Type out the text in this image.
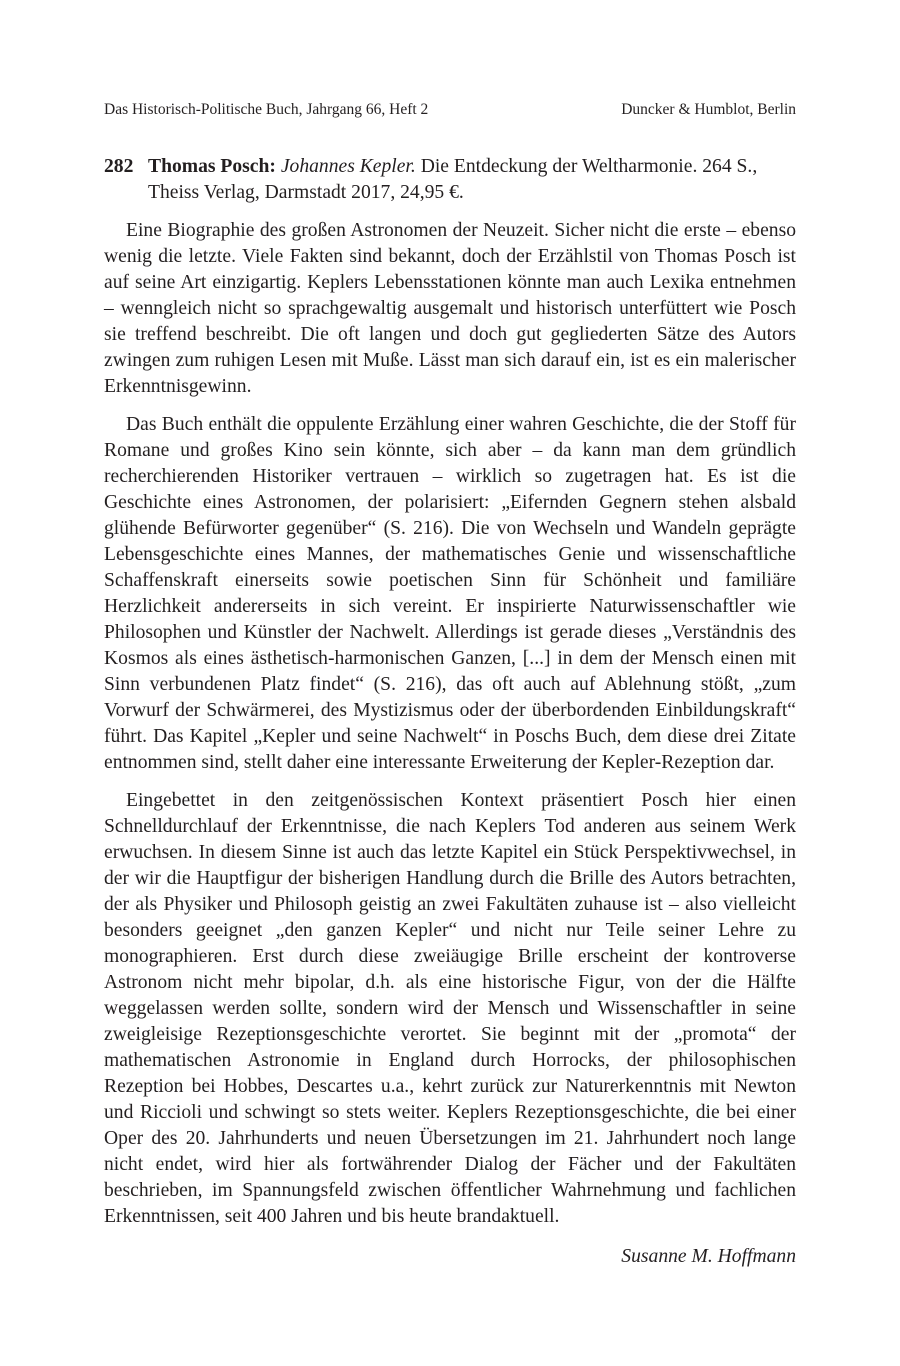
Das Historisch-Politische Buch, Jahrgang 66, Heft 2	Duncker & Humblot, Berlin
282 Thomas Posch: Johannes Kepler. Die Entdeckung der Weltharmonie. 264 S., Theiss Verlag, Darmstadt 2017, 24,95 €.

Eine Biographie des großen Astronomen der Neuzeit. Sicher nicht die erste – ebenso wenig die letzte. Viele Fakten sind bekannt, doch der Erzählstil von Thomas Posch ist auf seine Art einzigartig. Keplers Lebensstationen könnte man auch Lexika entnehmen – wenngleich nicht so sprachgewaltig ausgemalt und historisch unterfüttert wie Posch sie treffend beschreibt. Die oft langen und doch gut gegliederten Sätze des Autors zwingen zum ruhigen Lesen mit Muße. Lässt man sich darauf ein, ist es ein malerischer Erkenntnisgewinn.

Das Buch enthält die oppulente Erzählung einer wahren Geschichte, die der Stoff für Romane und großes Kino sein könnte, sich aber – da kann man dem gründlich recherchierenden Historiker vertrauen – wirklich so zugetragen hat. Es ist die Geschichte eines Astronomen, der polarisiert: „Eifernden Gegnern stehen alsbald glühende Befürworter gegenüber“ (S. 216). Die von Wechseln und Wandeln geprägte Lebensgeschichte eines Mannes, der mathematisches Genie und wissenschaftliche Schaffenskraft einerseits sowie poetischen Sinn für Schönheit und familiäre Herzlichkeit andererseits in sich vereint. Er inspirierte Naturwissenschaftler wie Philosophen und Künstler der Nachwelt. Allerdings ist gerade dieses „Verständnis des Kosmos als eines ästhetisch-harmonischen Ganzen, [...] in dem der Mensch einen mit Sinn verbundenen Platz findet“ (S. 216), das oft auch auf Ablehnung stößt, „zum Vorwurf der Schwärmerei, des Mystizismus oder der überbordenden Einbildungskraft“ führt. Das Kapitel „Kepler und seine Nachwelt“ in Poschs Buch, dem diese drei Zitate entnommen sind, stellt daher eine interessante Erweiterung der Kepler-Rezeption dar.

Eingebettet in den zeitgenössischen Kontext präsentiert Posch hier einen Schnelldurchlauf der Erkenntnisse, die nach Keplers Tod anderen aus seinem Werk erwuchsen. In diesem Sinne ist auch das letzte Kapitel ein Stück Perspektivwechsel, in der wir die Hauptfigur der bisherigen Handlung durch die Brille des Autors betrachten, der als Physiker und Philosoph geistig an zwei Fakultäten zuhause ist – also vielleicht besonders geeignet „den ganzen Kepler“ und nicht nur Teile seiner Lehre zu monographieren. Erst durch diese zweiäugige Brille erscheint der kontroverse Astronom nicht mehr bipolar, d.h. als eine historische Figur, von der die Hälfte weggelassen werden sollte, sondern wird der Mensch und Wissenschaftler in seine zweigleisige Rezeptionsgeschichte verortet. Sie beginnt mit der „promota“ der mathematischen Astronomie in England durch Horrocks, der philosophischen Rezeption bei Hobbes, Descartes u.a., kehrt zurück zur Naturerkenntnis mit Newton und Riccioli und schwingt so stets weiter. Keplers Rezeptionsgeschichte, die bei einer Oper des 20. Jahrhunderts und neuen Übersetzungen im 21. Jahrhundert noch lange nicht endet, wird hier als fortwährender Dialog der Fächer und der Fakultäten beschrieben, im Spannungsfeld zwischen öffentlicher Wahrnehmung und fachlichen Erkenntnissen, seit 400 Jahren und bis heute brandaktuell.

Susanne M. Hoffmann
